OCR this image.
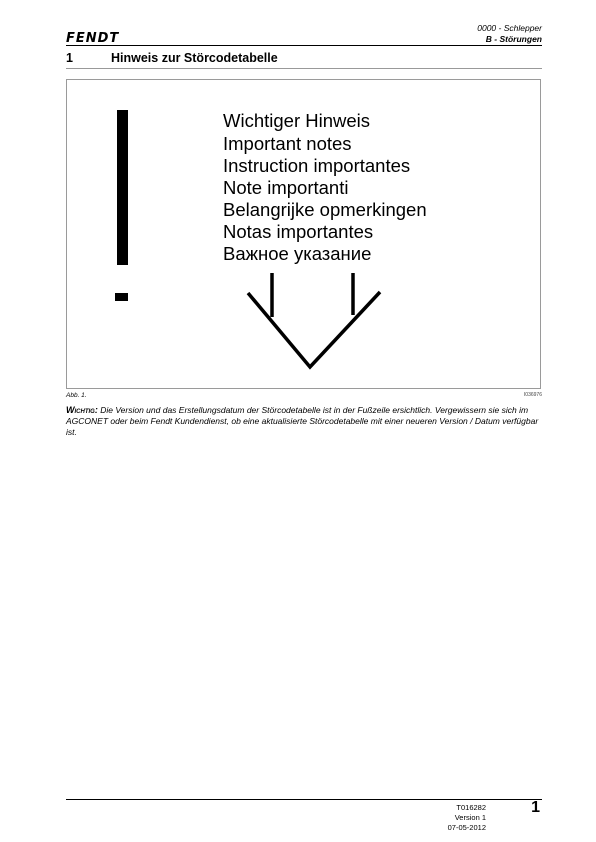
FENDT
0000 - Schlepper
B - Störungen
1	Hinweis zur Störcodetabelle
Wichtiger Hinweis
Important notes
Instruction importantes
Note importanti
Belangrijke opmerkingen
Notas importantes
Важное указание
Abb. 1.	I036976
Wichtig: Die Version und das Erstellungsdatum der Störcodetabelle ist in der Fußzeile ersichtlich. Vergewissern sie sich im AGCONET oder beim Fendt Kundendienst, ob eine aktualisierte Störcodetabelle mit einer neueren Version / Datum verfügbar ist.
T016282
Version 1
07-05-2012
1
